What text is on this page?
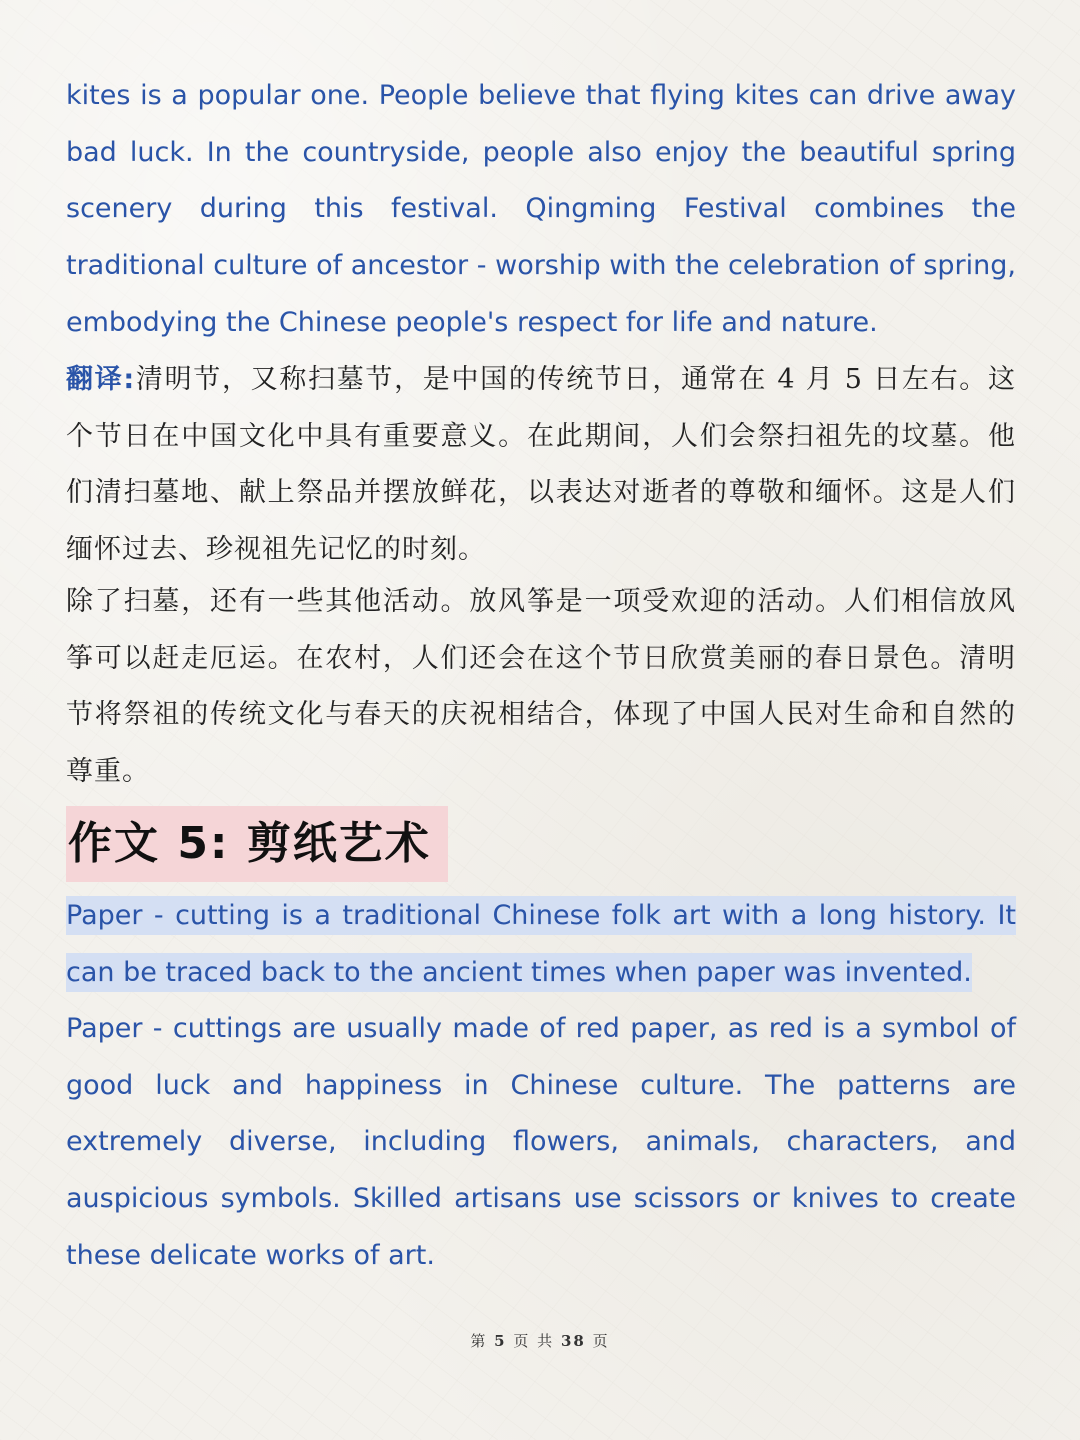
kites is a popular one. People believe that flying kites can drive away bad luck. In the countryside, people also enjoy the beautiful spring scenery during this festival. Qingming Festival combines the traditional culture of ancestor - worship with the celebration of spring, embodying the Chinese people's respect for life and nature.

翻译:清明节，又称扫墓节，是中国的传统节日，通常在 4 月 5 日左右。这个节日在中国文化中具有重要意义。在此期间，人们会祭扫祖先的坟墓。他们清扫墓地、献上祭品并摆放鲜花，以表达对逝者的尊敬和缅怀。这是人们缅怀过去、珍视祖先记忆的时刻。

除了扫墓，还有一些其他活动。放风筝是一项受欢迎的活动。人们相信放风筝可以赶走厄运。在农村，人们还会在这个节日欣赏美丽的春日景色。清明节将祭祖的传统文化与春天的庆祝相结合，体现了中国人民对生命和自然的尊重。

作文 5: 剪纸艺术

Paper - cutting is a traditional Chinese folk art with a long history. It can be traced back to the ancient times when paper was invented.

Paper - cuttings are usually made of red paper, as red is a symbol of good luck and happiness in Chinese culture. The patterns are extremely diverse, including flowers, animals, characters, and auspicious symbols. Skilled artisans use scissors or knives to create these delicate works of art.

第 5 页 共 38 页
